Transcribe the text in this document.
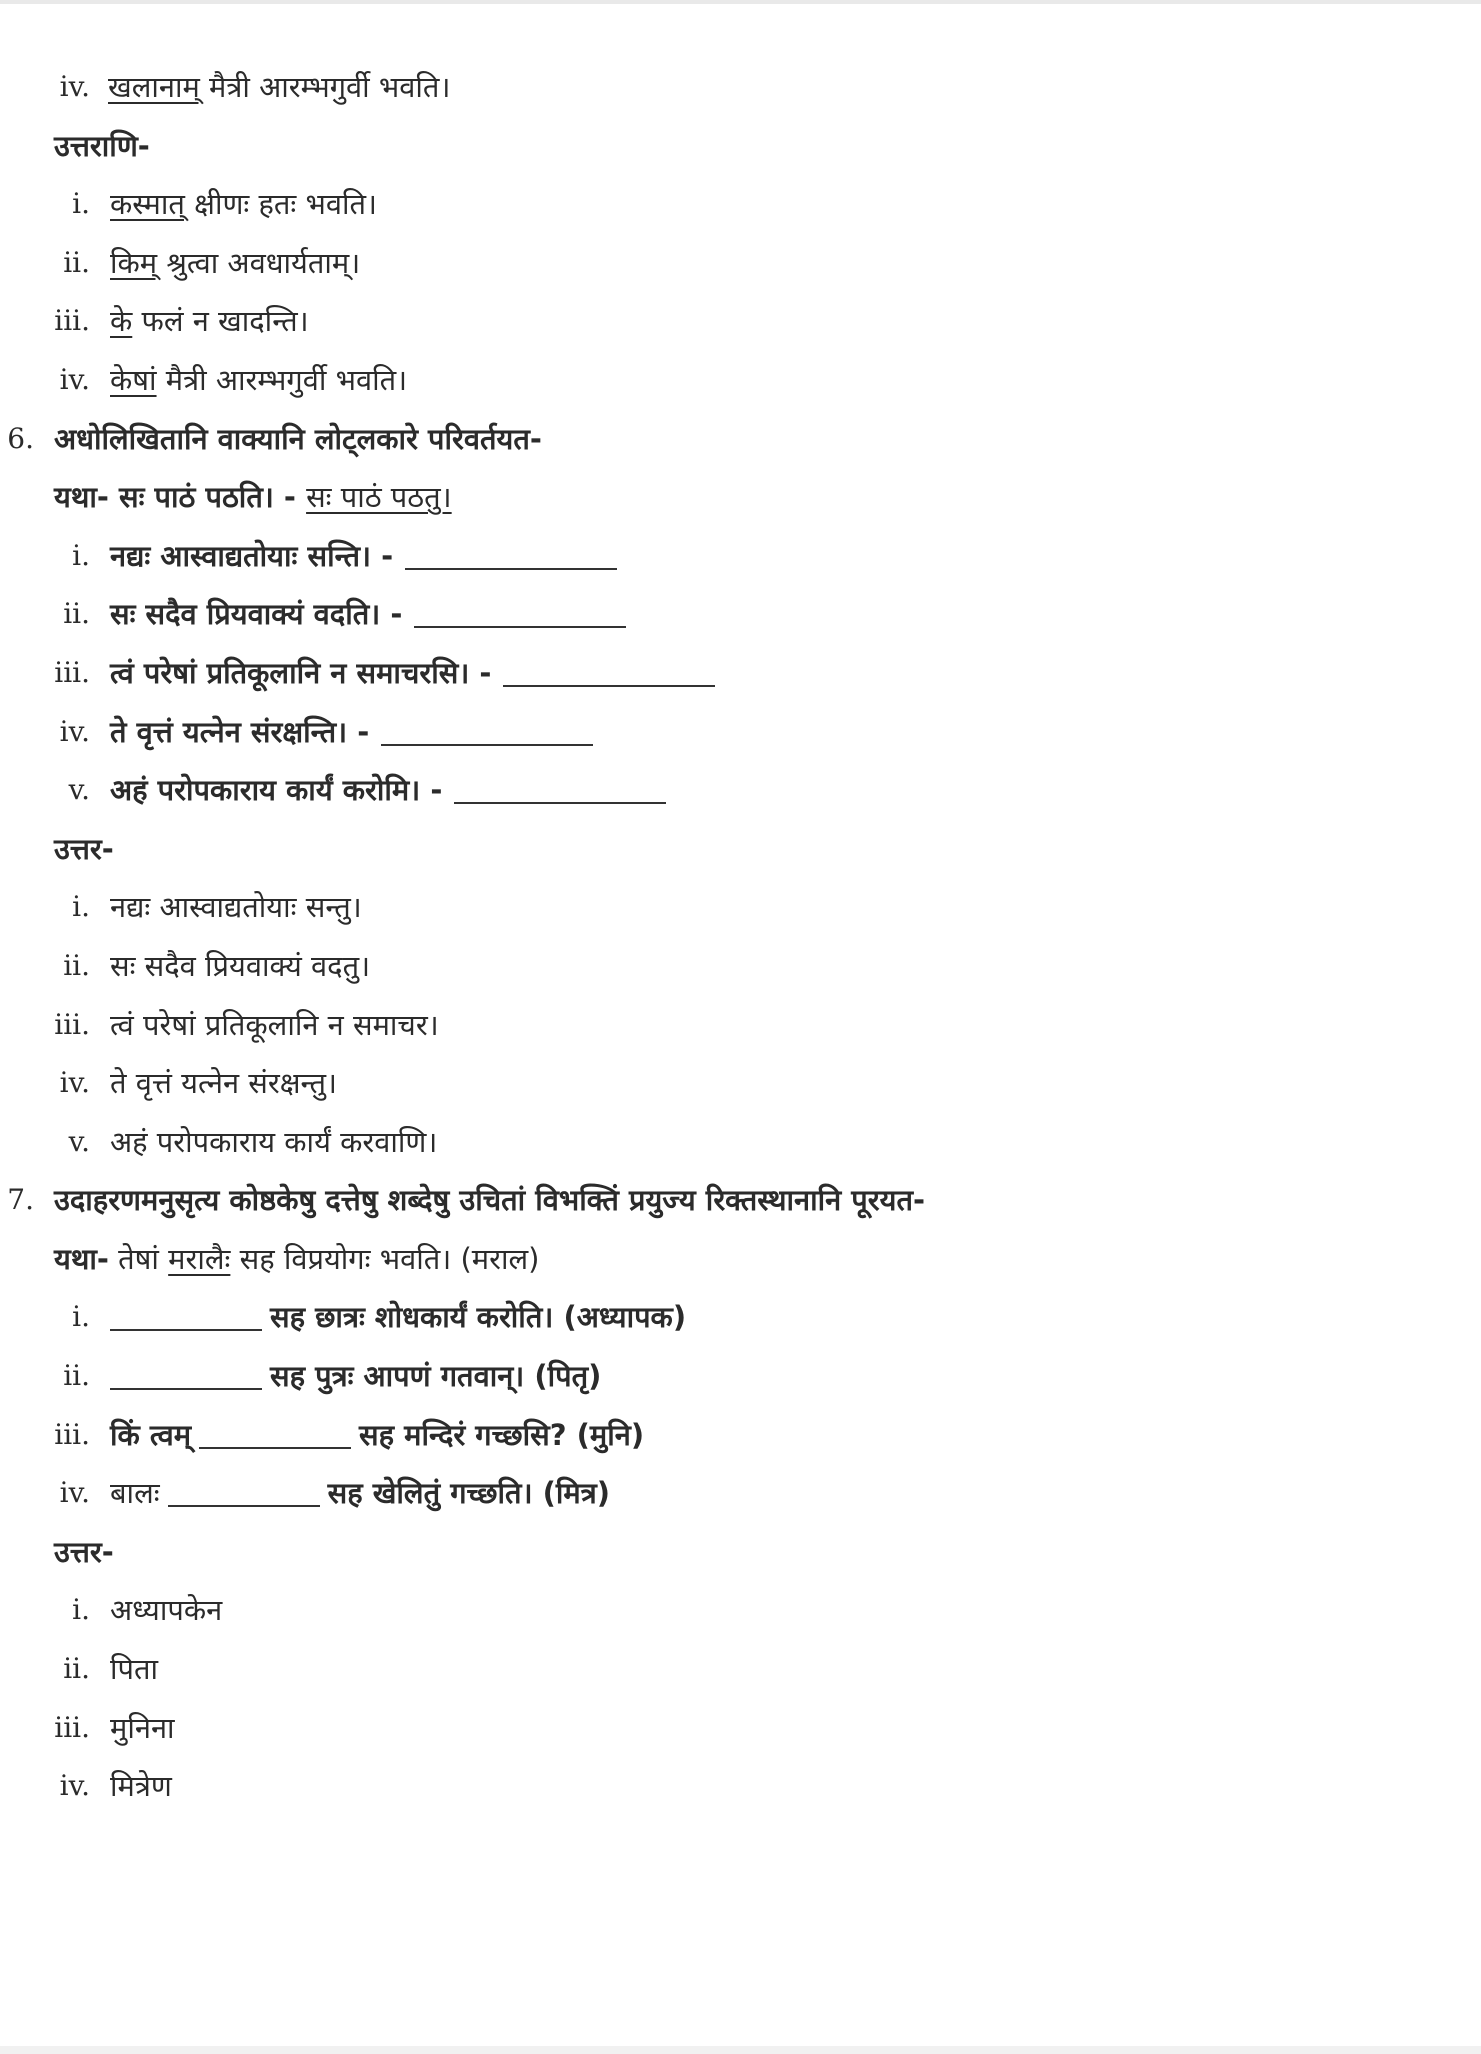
iv. खलानाम् मैत्री आरम्भगुर्वी भवति।
उत्तराणि-
i. कस्मात् क्षीणः हतः भवति।
ii. किम् श्रुत्वा अवधार्यताम्।
iii. के फलं न खादन्ति।
iv. केषां मैत्री आरम्भगुर्वी भवति।
6. अधोलिखितानि वाक्यानि लोट्लकारे परिवर्तयत-
यथा- सः पाठं पठति। - सः पाठं पठतु।
i. नद्यः आस्वाद्यतोयाः सन्ति। -
ii. सः सदैव प्रियवाक्यं वदति। -
iii. त्वं परेषां प्रतिकूलानि न समाचरसि। -
iv. ते वृत्तं यत्नेन संरक्षन्ति। -
v. अहं परोपकाराय कार्यं करोमि। -
उत्तर-
i. नद्यः आस्वाद्यतोयाः सन्तु।
ii. सः सदैव प्रियवाक्यं वदतु।
iii. त्वं परेषां प्रतिकूलानि न समाचर।
iv. ते वृत्तं यत्नेन संरक्षन्तु।
v. अहं परोपकाराय कार्यं करवाणि।
7. उदाहरणमनुसृत्य कोष्ठकेषु दत्तेषु शब्देषु उचितां विभक्तिं प्रयुज्य रिक्तस्थानानि पूरयत-
यथा- तेषां मरालैः सह विप्रयोगः भवति। (मराल)
i.	सह छात्रः शोधकार्यं करोति। (अध्यापक)
ii.	सह पुत्रः आपणं गतवान्। (पितृ)
iii. किं त्वम्	सह मन्दिरं गच्छसि? (मुनि)
iv. बालः	सह खेलितुं गच्छति। (मित्र)
उत्तर-
i. अध्यापकेन
ii. पिता
iii. मुनिना
iv. मित्रेण
